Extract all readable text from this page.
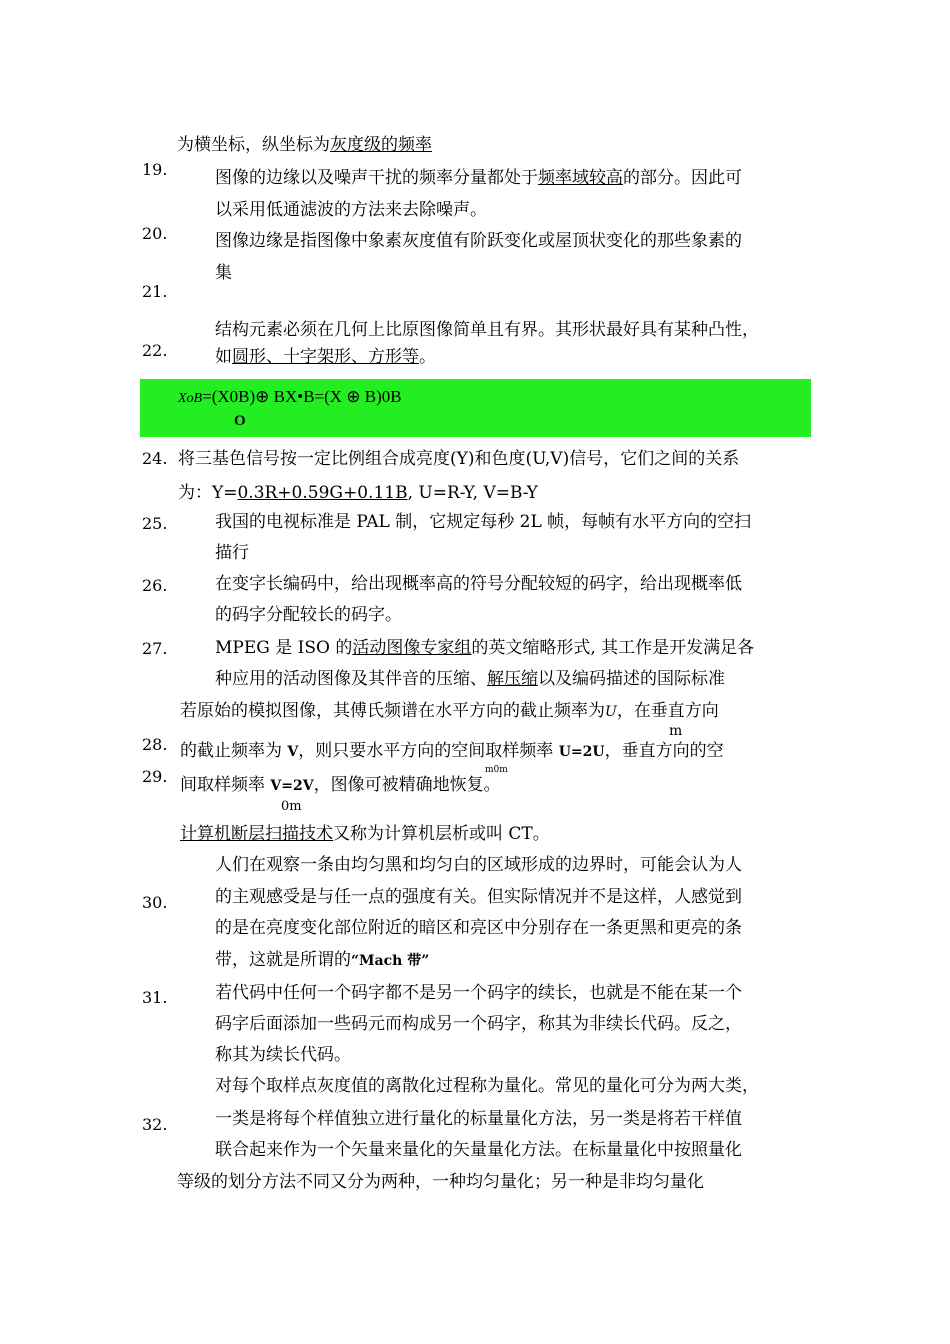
19.
20.
21.
22.
24.
25.
26.
27.
28.
29.
30.
31.
32.
为横坐标，纵坐标为灰度级的频率
图像的边缘以及噪声干扰的频率分量都处于频率域较高的部分。因此可
以采用低通滤波的方法来去除噪声。
图像边缘是指图像中象素灰度值有阶跃变化或屋顶状变化的那些象素的
集
结构元素必须在几何上比原图像简单且有界。其形状最好具有某种凸性，
如圆形、十字架形、方形等。
XoB=(X0B)⊕ BX•B=(X ⊕ B)0B
O
将三基色信号按一定比例组合成亮度(Y)和色度(U,V)信号，它们之间的关系
为：Y=0.3R+0.59G+0.11B, U=R-Y, V=B-Y
我国的电视标准是 PAL 制，它规定每秒 2L 帧，每帧有水平方向的空扫
描行
在变字长编码中，给出现概率高的符号分配较短的码字，给出现概率低
的码字分配较长的码字。
MPEG 是 ISO 的活动图像专家组的英文缩略形式, 其工作是开发满足各
种应用的活动图像及其伴音的压缩、解压缩以及编码描述的国际标准
若原始的模拟图像，其傅氏频谱在水平方向的截止频率为U，在垂直方向
m
的截止频率为 V，则只要水平方向的空间取样频率 U=2U，垂直方向的空
m0m
间取样频率 V=2V，图像可被精确地恢复。
0m
计算机断层扫描技术又称为计算机层析或叫 CT。
人们在观察一条由均匀黑和均匀白的区域形成的边界时，可能会认为人
的主观感受是与任一点的强度有关。但实际情况并不是这样，人感觉到
的是在亮度变化部位附近的暗区和亮区中分别存在一条更黑和更亮的条
带，这就是所谓的“Mach 带”
若代码中任何一个码字都不是另一个码字的续长，也就是不能在某一个
码字后面添加一些码元而构成另一个码字，称其为非续长代码。反之，
称其为续长代码。
对每个取样点灰度值的离散化过程称为量化。常见的量化可分为两大类，
一类是将每个样值独立进行量化的标量量化方法，另一类是将若干样值
联合起来作为一个矢量来量化的矢量量化方法。在标量量化中按照量化
等级的划分方法不同又分为两种，一种均匀量化；另一种是非均匀量化
